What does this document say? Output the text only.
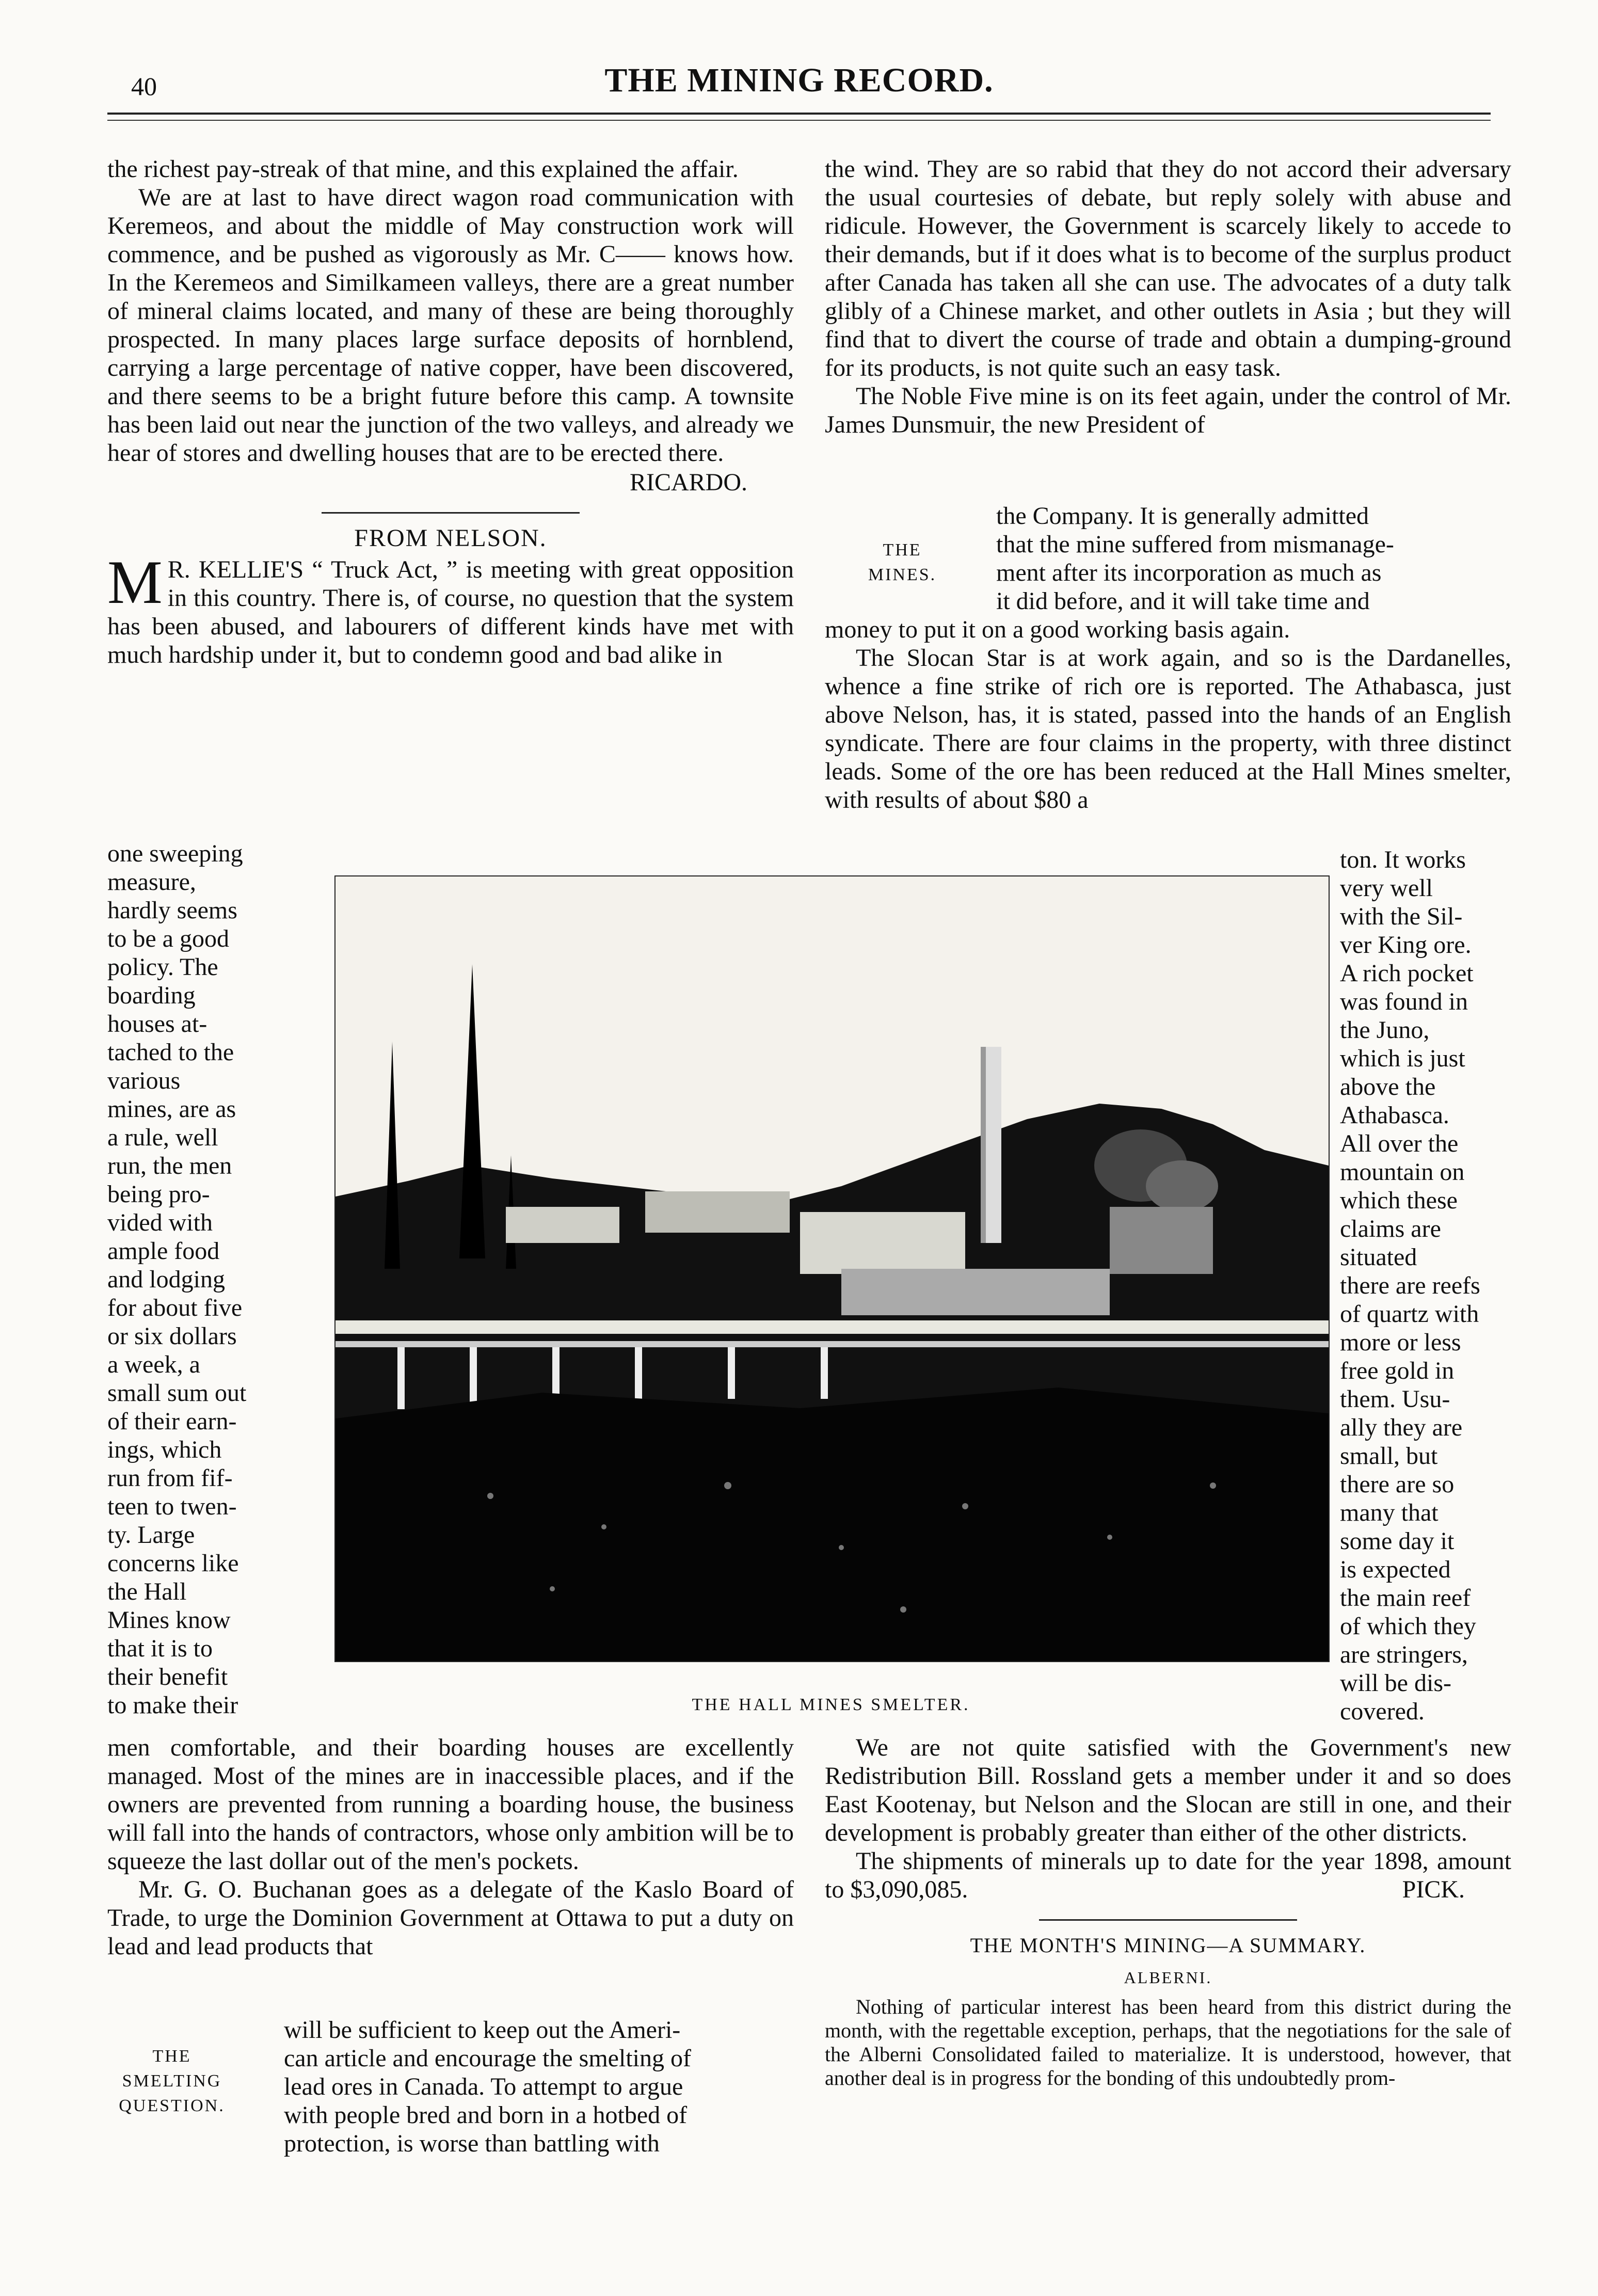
40	THE MINING RECORD.

the richest pay-streak of that mine, and this explained the affair.

We are at last to have direct wagon road communication with Keremeos, and about the middle of May construction work will commence, and be pushed as vigorously as Mr. C—— knows how. In the Keremeos and Similkameen valleys, there are a great number of mineral claims located, and many of these are being thoroughly prospected. In many places large surface deposits of hornblend, carrying a large percentage of native copper, have been discovered, and there seems to be a bright future before this camp. A townsite has been laid out near the junction of the two valleys, and already we hear of stores and dwelling houses that are to be erected there.

RICARDO.
FROM NELSON.

M R. KELLIE'S “ Truck Act, ” is meeting with great opposition in this country. There is, of course, no question that the system has been abused, and labourers of different kinds have met with much hardship under it, but to condemn good and bad alike in

one sweeping
measure,
hardly seems
to be a good
policy. The
boarding
houses at-
tached to the
various
mines, are as
a rule, well
run, the men
being pro-
vided with
ample food
and lodging
for about five
or six dollars
a week, a
small sum out
of their earn-
ings, which
run from fif-
teen to twen-
ty. Large
concerns like
the Hall
Mines know
that it is to
their benefit
to make their

men comfortable, and their boarding houses are excellently managed. Most of the mines are in inaccessible places, and if the owners are prevented from running a boarding house, the business will fall into the hands of contractors, whose only ambition will be to squeeze the last dollar out of the men's pockets.

Mr. G. O. Buchanan goes as a delegate of the Kaslo Board of Trade, to urge the Dominion Government at Ottawa to put a duty on lead and lead products that

THE
SMELTING
QUESTION.
will be sufficient to keep out the Ameri-
can article and encourage the smelting of
lead ores in Canada. To attempt to argue
with people bred and born in a hotbed of
protection, is worse than battling with

the wind. They are so rabid that they do not accord their adversary the usual courtesies of debate, but reply solely with abuse and ridicule. However, the Government is scarcely likely to accede to their demands, but if it does what is to become of the surplus product after Canada has taken all she can use. The advocates of a duty talk glibly of a Chinese market, and other outlets in Asia ; but they will find that to divert the course of trade and obtain a dumping-ground for its products, is not quite such an easy task.

The Noble Five mine is on its feet again, under the control of Mr. James Dunsmuir, the new President of

THE
MINES.
the Company. It is generally admitted
that the mine suffered from mismanage-
ment after its incorporation as much as
it did before, and it will take time and

money to put it on a good working basis again.

The Slocan Star is at work again, and so is the Dardanelles, whence a fine strike of rich ore is reported. The Athabasca, just above Nelson, has, it is stated, passed into the hands of an English syndicate. There are four claims in the property, with three distinct leads. Some of the ore has been reduced at the Hall Mines smelter, with results of about $80 a

ton. It works
very well
with the Sil-
ver King ore.
A rich pocket
was found in
the Juno,
which is just
above the
Athabasca.
All over the
mountain on
which these
claims are
situated
there are reefs
of quartz with
more or less
free gold in
them. Usu-
ally they are
small, but
there are so
many that
some day it
is expected
the main reef
of which they
are stringers,
will be dis-
covered.

We are not quite satisfied with the Government's new Redistribution Bill. Rossland gets a member under it and so does East Kootenay, but Nelson and the Slocan are still in one, and their development is probably greater than either of the other districts.

The shipments of minerals up to date for the year 1898, amount to $3,090,085.	PICK.
THE MONTH'S MINING—A SUMMARY.
ALBERNI.

Nothing of particular interest has been heard from this district during the month, with the regettable exception, perhaps, that the negotiations for the sale of the Alberni Consolidated failed to materialize. It is understood, however, that another deal is in progress for the bonding of this undoubtedly prom-

THE HALL MINES SMELTER.
